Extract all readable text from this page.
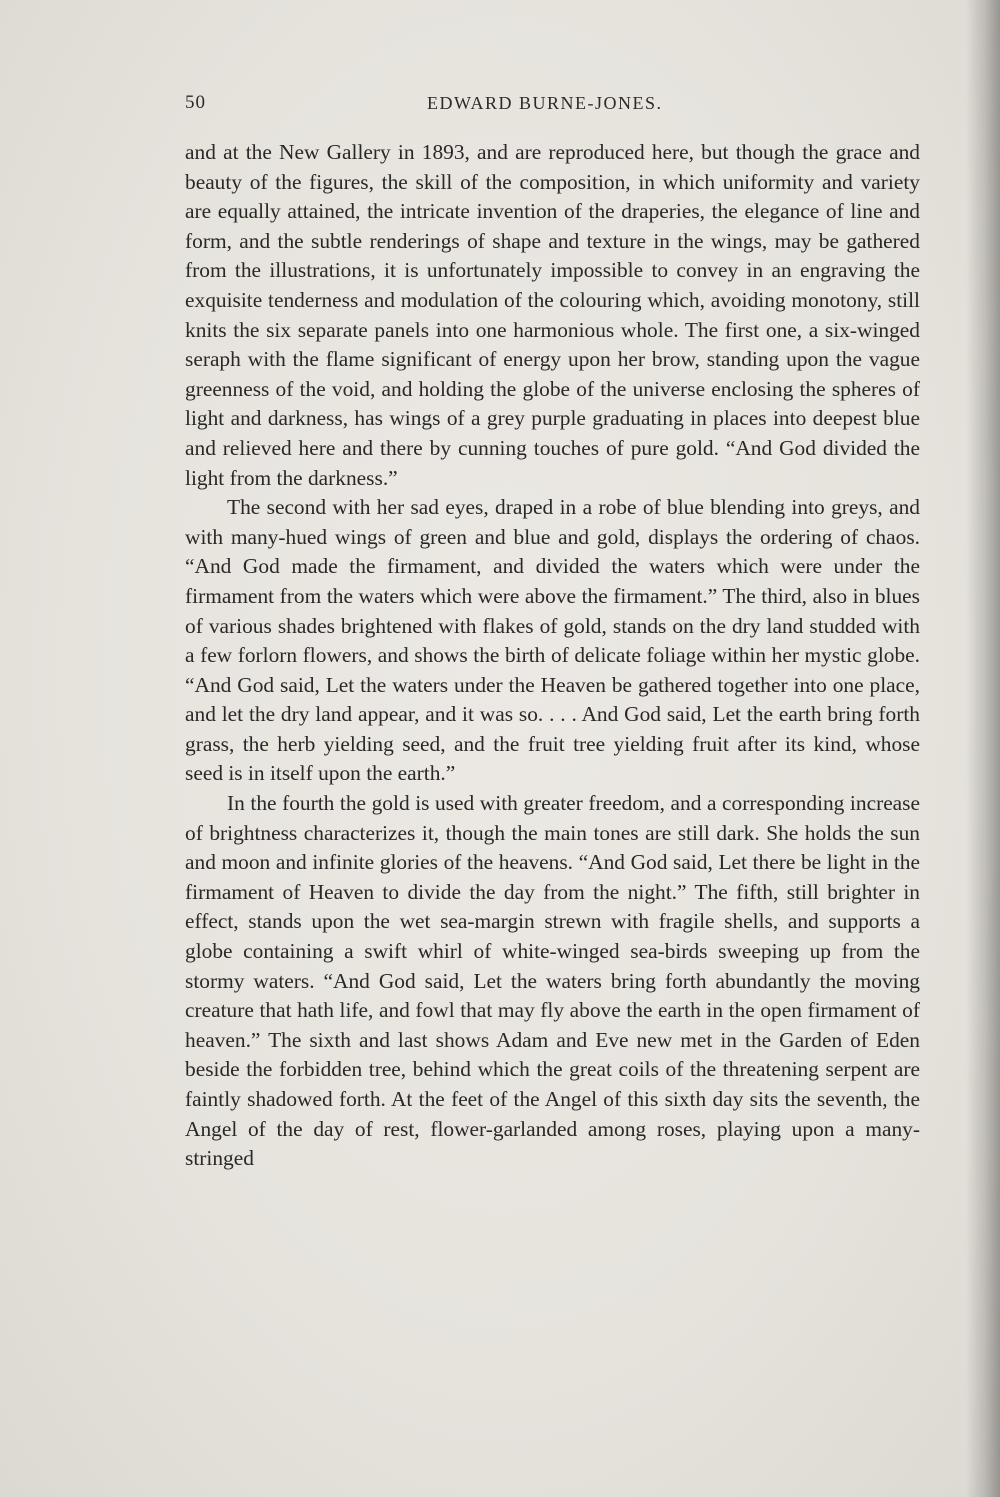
50	EDWARD BURNE-JONES.

and at the New Gallery in 1893, and are reproduced here, but though the grace and beauty of the figures, the skill of the composition, in which uniformity and variety are equally attained, the intricate invention of the draperies, the elegance of line and form, and the subtle renderings of shape and texture in the wings, may be gathered from the illustrations, it is unfortunately impossible to convey in an engraving the exquisite tenderness and modulation of the colouring which, avoiding monotony, still knits the six separate panels into one harmonious whole. The first one, a six-winged seraph with the flame significant of energy upon her brow, standing upon the vague greenness of the void, and holding the globe of the universe enclosing the spheres of light and darkness, has wings of a grey purple graduating in places into deepest blue and relieved here and there by cunning touches of pure gold. “And God divided the light from the darkness.”

The second with her sad eyes, draped in a robe of blue blending into greys, and with many-hued wings of green and blue and gold, displays the ordering of chaos. “And God made the firmament, and divided the waters which were under the firmament from the waters which were above the firmament.” The third, also in blues of various shades brightened with flakes of gold, stands on the dry land studded with a few forlorn flowers, and shows the birth of delicate foliage within her mystic globe. “And God said, Let the waters under the Heaven be gathered together into one place, and let the dry land appear, and it was so. . . . And God said, Let the earth bring forth grass, the herb yielding seed, and the fruit tree yielding fruit after its kind, whose seed is in itself upon the earth.”

In the fourth the gold is used with greater freedom, and a corresponding increase of brightness characterizes it, though the main tones are still dark. She holds the sun and moon and infinite glories of the heavens. “And God said, Let there be light in the firmament of Heaven to divide the day from the night.” The fifth, still brighter in effect, stands upon the wet sea-margin strewn with fragile shells, and supports a globe containing a swift whirl of white-winged sea-birds sweeping up from the stormy waters. “And God said, Let the waters bring forth abundantly the moving creature that hath life, and fowl that may fly above the earth in the open firmament of heaven.” The sixth and last shows Adam and Eve new met in the Garden of Eden beside the forbidden tree, behind which the great coils of the threatening serpent are faintly shadowed forth. At the feet of the Angel of this sixth day sits the seventh, the Angel of the day of rest, flower-garlanded among roses, playing upon a many-stringed
